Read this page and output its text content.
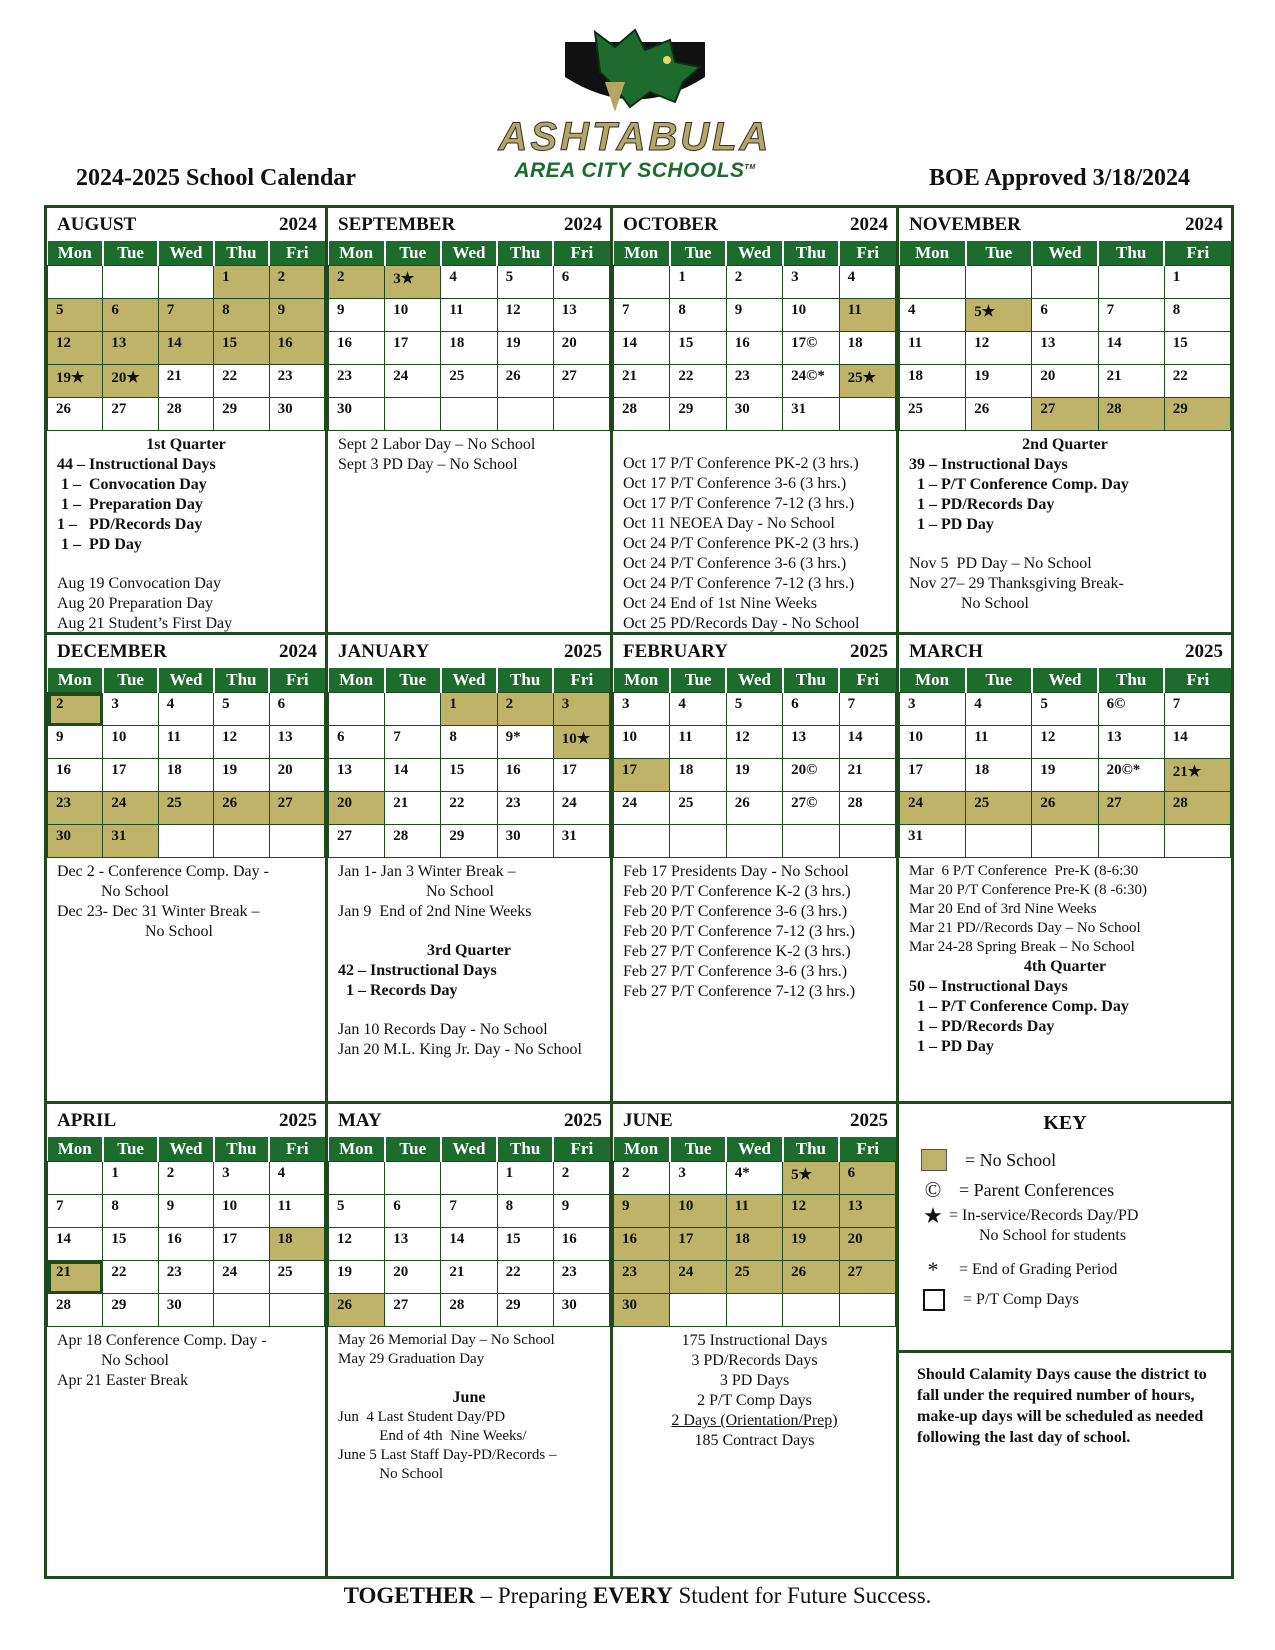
ASHTABULA
AREA CITY SCHOOLS™
2024-2025 School Calendar	BOE Approved 3/18/2024
AUGUST	2024
Mon	Tue	Wed	Thu	Fri
			1	2
5	6	7	8	9
12	13	14	15	16
19★	20★	21	22	23
26	27	28	29	30
1st Quarter
44 – Instructional Days
1 –  Convocation Day
1 –  Preparation Day
1 –   PD/Records Day
1 –  PD Day
Aug 19 Convocation Day
Aug 20 Preparation Day
Aug 21 Student’s First Day
SEPTEMBER	2024
Mon	Tue	Wed	Thu	Fri
2	3★	4	5	6
9	10	11	12	13
16	17	18	19	20
23	24	25	26	27
30				
Sept 2 Labor Day – No School
Sept 3 PD Day – No School
OCTOBER	2024
Mon	Tue	Wed	Thu	Fri
	1	2	3	4
7	8	9	10	11
14	15	16	17©	18
21	22	23	24©*	25★
28	29	30	31	
Oct 17 P/T Conference PK-2 (3 hrs.)
Oct 17 P/T Conference 3-6 (3 hrs.)
Oct 17 P/T Conference 7-12 (3 hrs.)
Oct 11 NEOEA Day - No School
Oct 24 P/T Conference PK-2 (3 hrs.)
Oct 24 P/T Conference 3-6 (3 hrs.)
Oct 24 P/T Conference 7-12 (3 hrs.)
Oct 24 End of 1st Nine Weeks
Oct 25 PD/Records Day - No School
NOVEMBER	2024
Mon	Tue	Wed	Thu	Fri
				1
4	5★	6	7	8
11	12	13	14	15
18	19	20	21	22
25	26	27	28	29
2nd Quarter
39 – Instructional Days
1 – P/T Conference Comp. Day
1 – PD/Records Day
1 – PD Day
Nov 5  PD Day – No School
Nov 27– 29 Thanksgiving Break-
No School
DECEMBER	2024
Mon	Tue	Wed	Thu	Fri
2	3	4	5	6
9	10	11	12	13
16	17	18	19	20
23	24	25	26	27
30	31			
Dec 2 - Conference Comp. Day -
No School
Dec 23- Dec 31 Winter Break –
No School
JANUARY	2025
Mon	Tue	Wed	Thu	Fri
		1	2	3
6	7	8	9*	10★
13	14	15	16	17
20	21	22	23	24
27	28	29	30	31
Jan 1- Jan 3 Winter Break –
No School
Jan 9  End of 2nd Nine Weeks
3rd Quarter
42 – Instructional Days
1 – Records Day
Jan 10 Records Day - No School
Jan 20 M.L. King Jr. Day - No School
FEBRUARY	2025
Mon	Tue	Wed	Thu	Fri
3	4	5	6	7
10	11	12	13	14
17	18	19	20©	21
24	25	26	27©	28

Feb 17 Presidents Day - No School
Feb 20 P/T Conference K-2 (3 hrs.)
Feb 20 P/T Conference 3-6 (3 hrs.)
Feb 20 P/T Conference 7-12 (3 hrs.)
Feb 27 P/T Conference K-2 (3 hrs.)
Feb 27 P/T Conference 3-6 (3 hrs.)
Feb 27 P/T Conference 7-12 (3 hrs.)
MARCH	2025
Mon	Tue	Wed	Thu	Fri
3	4	5	6©	7
10	11	12	13	14
17	18	19	20©*	21★
24	25	26	27	28
31				
Mar  6 P/T Conference  Pre-K (8-6:30
Mar 20 P/T Conference Pre-K (8 -6:30)
Mar 20 End of 3rd Nine Weeks
Mar 21 PD//Records Day – No School
Mar 24-28 Spring Break – No School
4th Quarter
50 – Instructional Days
1 – P/T Conference Comp. Day
1 – PD/Records Day
1 – PD Day
APRIL	2025
Mon	Tue	Wed	Thu	Fri
	1	2	3	4
7	8	9	10	11
14	15	16	17	18
21	22	23	24	25
28	29	30		
Apr 18 Conference Comp. Day -
No School
Apr 21 Easter Break
MAY	2025
Mon	Tue	Wed	Thu	Fri
			1	2
5	6	7	8	9
12	13	14	15	16
19	20	21	22	23
26	27	28	29	30
May 26 Memorial Day – No School
May 29 Graduation Day
June
Jun  4 Last Student Day/PD
End of 4th  Nine Weeks/
June 5 Last Staff Day-PD/Records –
No School
JUNE	2025
Mon	Tue	Wed	Thu	Fri
2	3	4*	5★	6
9	10	11	12	13
16	17	18	19	20
23	24	25	26	27
30				
175 Instructional Days
3 PD/Records Days
3 PD Days
2 P/T Comp Days
2 Days (Orientation/Prep)
185 Contract Days
KEY
= No School
© = Parent Conferences
★ = In-service/Records Day/PD
No School for students
*	= End of Grading Period
= P/T Comp Days
Should Calamity Days cause the district to fall under the required number of hours, make-up days will be scheduled as needed following the last day of school.
TOGETHER – Preparing EVERY Student for Future Success.
